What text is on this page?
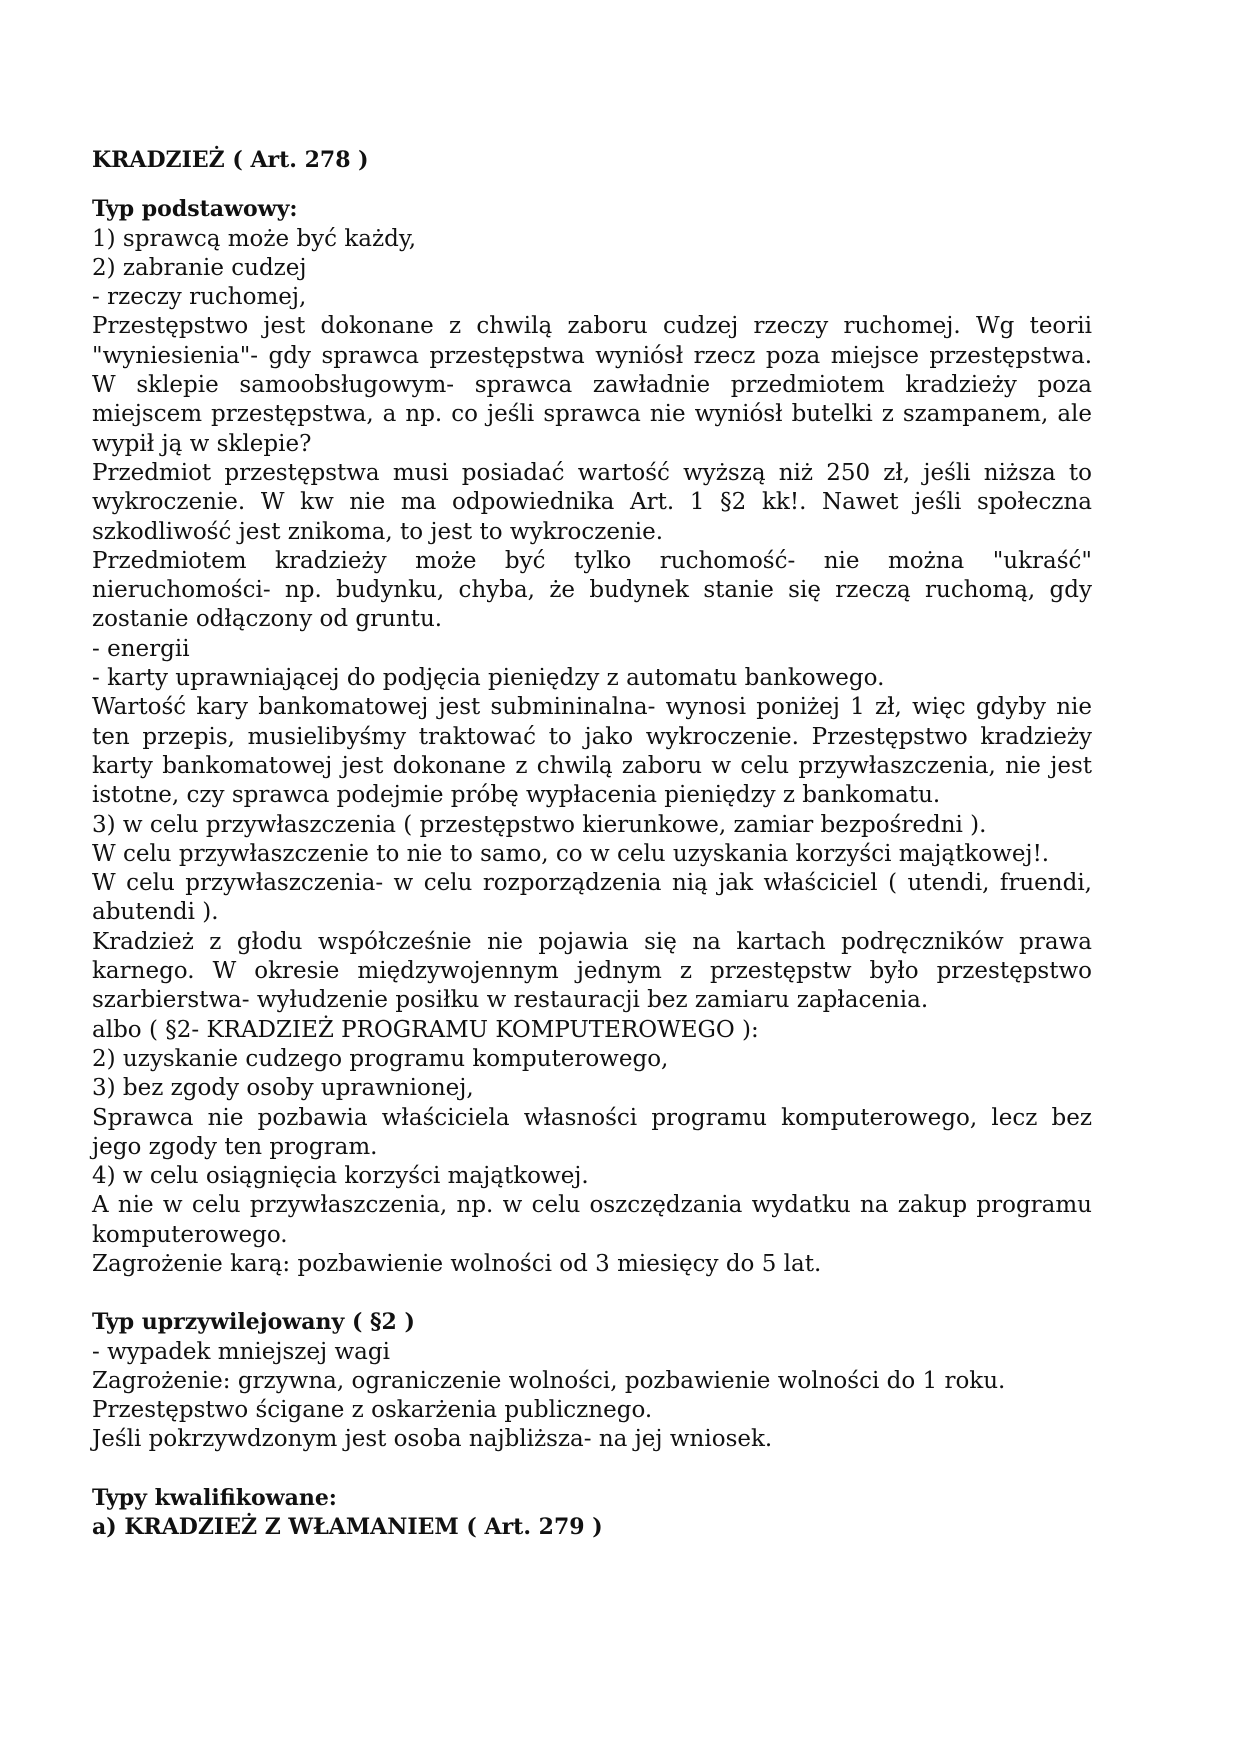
KRADZIEŻ ( Art. 278 )
Typ podstawowy:
1) sprawcą może być każdy,
2) zabranie cudzej
- rzeczy ruchomej,

Przestępstwo jest dokonane z chwilą zaboru cudzej rzeczy ruchomej. Wg teorii "wyniesienia"- gdy sprawca przestępstwa wyniósł rzecz poza miejsce przestępstwa. W sklepie samoobsługowym- sprawca zawładnie przedmiotem kradzieży poza miejscem przestępstwa, a np. co jeśli sprawca nie wyniósł butelki z szampanem, ale wypił ją w sklepie?

Przedmiot przestępstwa musi posiadać wartość wyższą niż 250 zł, jeśli niższa to wykroczenie. W kw nie ma odpowiednika Art. 1 §2 kk!. Nawet jeśli społeczna szkodliwość jest znikoma, to jest to wykroczenie.

Przedmiotem kradzieży może być tylko ruchomość- nie można "ukraść" nieruchomości- np. budynku, chyba, że budynek stanie się rzeczą ruchomą, gdy zostanie odłączony od gruntu.

- energii
- karty uprawniającej do podjęcia pieniędzy z automatu bankowego.

Wartość kary bankomatowej jest submininalna- wynosi poniżej 1 zł, więc gdyby nie ten przepis, musielibyśmy traktować to jako wykroczenie. Przestępstwo kradzieży karty bankomatowej jest dokonane z chwilą zaboru w celu przywłaszczenia, nie jest istotne, czy sprawca podejmie próbę wypłacenia pieniędzy z bankomatu.

3) w celu przywłaszczenia ( przestępstwo kierunkowe, zamiar bezpośredni ).
W celu przywłaszczenie to nie to samo, co w celu uzyskania korzyści majątkowej!.

W celu przywłaszczenia- w celu rozporządzenia nią jak właściciel ( utendi, fruendi, abutendi ).

Kradzież z głodu współcześnie nie pojawia się na kartach podręczników prawa karnego. W okresie międzywojennym jednym z przestępstw było przestępstwo szarbierstwa- wyłudzenie posiłku w restauracji bez zamiaru zapłacenia.

albo ( §2- KRADZIEŻ PROGRAMU KOMPUTEROWEGO ):
2) uzyskanie cudzego programu komputerowego,
3) bez zgody osoby uprawnionej,

Sprawca nie pozbawia właściciela własności programu komputerowego, lecz bez jego zgody ten program.

4) w celu osiągnięcia korzyści majątkowej.

A nie w celu przywłaszczenia, np. w celu oszczędzania wydatku na zakup programu komputerowego.

Zagrożenie karą: pozbawienie wolności od 3 miesięcy do 5 lat.
Typ uprzywilejowany ( §2 )
- wypadek mniejszej wagi
Zagrożenie: grzywna, ograniczenie wolności, pozbawienie wolności do 1 roku.
Przestępstwo ścigane z oskarżenia publicznego.
Jeśli pokrzywdzonym jest osoba najbliższa- na jej wniosek.
Typy kwalifikowane:
a) KRADZIEŻ Z WŁAMANIEM ( Art. 279 )
